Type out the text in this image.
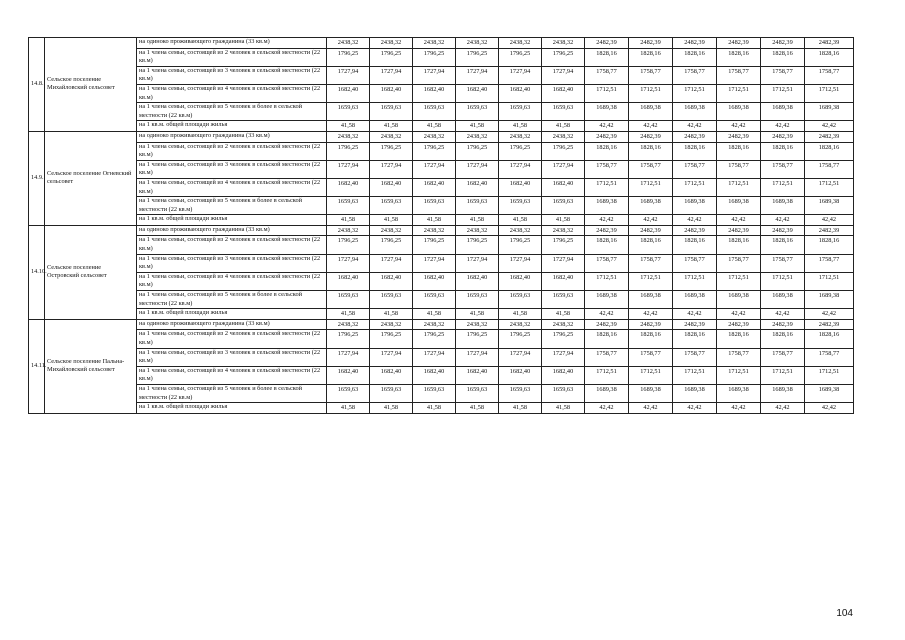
14.8.	Сельское поселение Михайловский сельсовет	на одиноко проживающего гражданина (33 кв.м)	2438,32	2438,32	2438,32	2438,32	2438,32	2438,32	2482,39	2482,39	2482,39	2482,39	2482,39	2482,39
		на 1 члена семьи, состоящей из 2 человек в сельской местности (22 кв.м)	1796,25	1796,25	1796,25	1796,25	1796,25	1796,25	1828,16	1828,16	1828,16	1828,16	1828,16	1828,16
		на 1 члена семьи, состоящей из 3 человек в сельской местности (22 кв.м)	1727,94	1727,94	1727,94	1727,94	1727,94	1727,94	1758,77	1758,77	1758,77	1758,77	1758,77	1758,77
		на 1 члена семьи, состоящей из 4 человек в сельской местности (22 кв.м)	1682,40	1682,40	1682,40	1682,40	1682,40	1682,40	1712,51	1712,51	1712,51	1712,51	1712,51	1712,51
		на 1 члена семьи, состоящей из 5 человек и более в сельской местности (22 кв.м)	1659,63	1659,63	1659,63	1659,63	1659,63	1659,63	1689,38	1689,38	1689,38	1689,38	1689,38	1689,38
		на 1 кв.м. общей площади жилья	41,58	41,58	41,58	41,58	41,58	41,58	42,42	42,42	42,42	42,42	42,42	42,42
14.9.	Сельское поселение Огневский сельсовет	на одиноко проживающего гражданина (33 кв.м)	2438,32	2438,32	2438,32	2438,32	2438,32	2438,32	2482,39	2482,39	2482,39	2482,39	2482,39	2482,39
		на 1 члена семьи, состоящей из 2 человек в сельской местности (22 кв.м)	1796,25	1796,25	1796,25	1796,25	1796,25	1796,25	1828,16	1828,16	1828,16	1828,16	1828,16	1828,16
		на 1 члена семьи, состоящей из 3 человек в сельской местности (22 кв.м)	1727,94	1727,94	1727,94	1727,94	1727,94	1727,94	1758,77	1758,77	1758,77	1758,77	1758,77	1758,77
		на 1 члена семьи, состоящей из 4 человек в сельской местности (22 кв.м)	1682,40	1682,40	1682,40	1682,40	1682,40	1682,40	1712,51	1712,51	1712,51	1712,51	1712,51	1712,51
		на 1 члена семьи, состоящей из 5 человек и более в сельской местности (22 кв.м)	1659,63	1659,63	1659,63	1659,63	1659,63	1659,63	1689,38	1689,38	1689,38	1689,38	1689,38	1689,38
		на 1 кв.м. общей площади жилья	41,58	41,58	41,58	41,58	41,58	41,58	42,42	42,42	42,42	42,42	42,42	42,42
14.10.	Сельское поселение Островский сельсовет	на одиноко проживающего гражданина (33 кв.м)	2438,32	2438,32	2438,32	2438,32	2438,32	2438,32	2482,39	2482,39	2482,39	2482,39	2482,39	2482,39
		на 1 члена семьи, состоящей из 2 человек в сельской местности (22 кв.м)	1796,25	1796,25	1796,25	1796,25	1796,25	1796,25	1828,16	1828,16	1828,16	1828,16	1828,16	1828,16
		на 1 члена семьи, состоящей из 3 человек в сельской местности (22 кв.м)	1727,94	1727,94	1727,94	1727,94	1727,94	1727,94	1758,77	1758,77	1758,77	1758,77	1758,77	1758,77
		на 1 члена семьи, состоящей из 4 человек в сельской местности (22 кв.м)	1682,40	1682,40	1682,40	1682,40	1682,40	1682,40	1712,51	1712,51	1712,51	1712,51	1712,51	1712,51
		на 1 члена семьи, состоящей из 5 человек и более в сельской местности (22 кв.м)	1659,63	1659,63	1659,63	1659,63	1659,63	1659,63	1689,38	1689,38	1689,38	1689,38	1689,38	1689,38
		на 1 кв.м. общей площади жилья	41,58	41,58	41,58	41,58	41,58	41,58	42,42	42,42	42,42	42,42	42,42	42,42
14.11.	Сельское поселение Пальна-Михайловский сельсовет	на одиноко проживающего гражданина (33 кв.м)	2438,32	2438,32	2438,32	2438,32	2438,32	2438,32	2482,39	2482,39	2482,39	2482,39	2482,39	2482,39
		на 1 члена семьи, состоящей из 2 человек в сельской местности (22 кв.м)	1796,25	1796,25	1796,25	1796,25	1796,25	1796,25	1828,16	1828,16	1828,16	1828,16	1828,16	1828,16
		на 1 члена семьи, состоящей из 3 человек в сельской местности (22 кв.м)	1727,94	1727,94	1727,94	1727,94	1727,94	1727,94	1758,77	1758,77	1758,77	1758,77	1758,77	1758,77
		на 1 члена семьи, состоящей из 4 человек в сельской местности (22 кв.м)	1682,40	1682,40	1682,40	1682,40	1682,40	1682,40	1712,51	1712,51	1712,51	1712,51	1712,51	1712,51
		на 1 члена семьи, состоящей из 5 человек и более в сельской местности (22 кв.м)	1659,63	1659,63	1659,63	1659,63	1659,63	1659,63	1689,38	1689,38	1689,38	1689,38	1689,38	1689,38
		на 1 кв.м. общей площади жилья	41,58	41,58	41,58	41,58	41,58	41,58	42,42	42,42	42,42	42,42	42,42	42,42
104
